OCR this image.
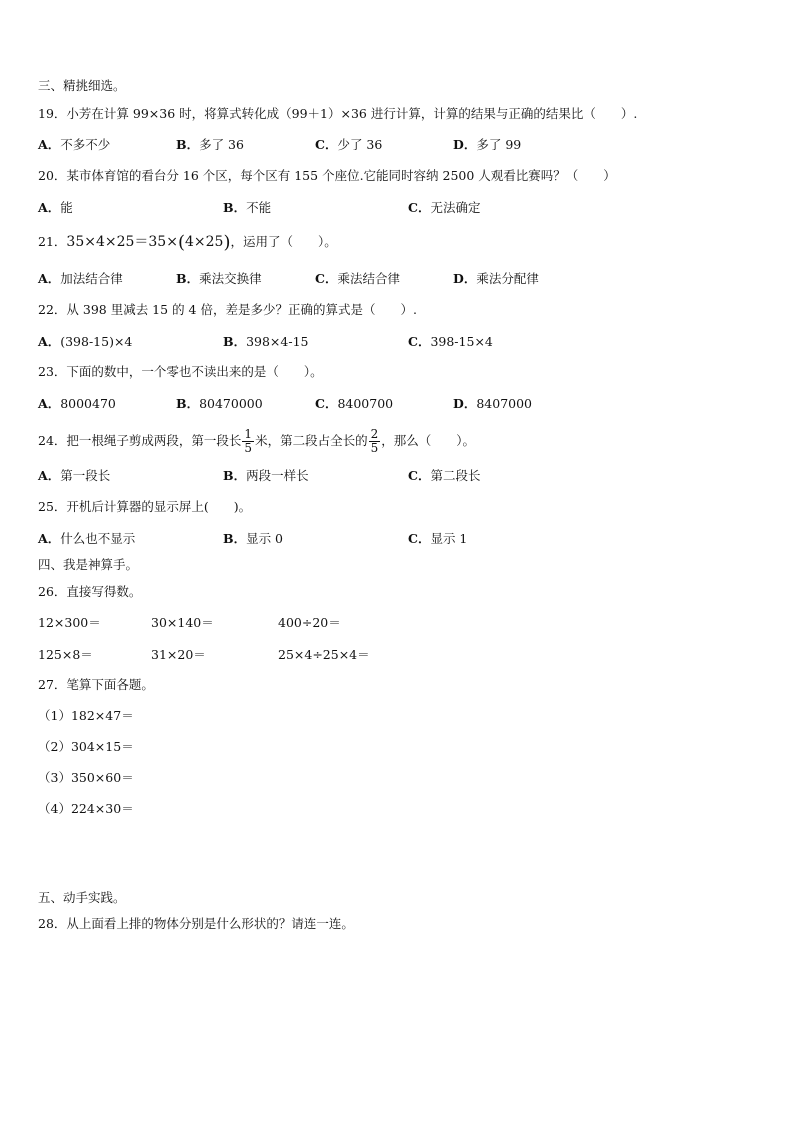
三、精挑细选。
19．小芳在计算 99×36 时，将算式转化成（99＋1）×36 进行计算，计算的结果与正确的结果比（　　）.
A．不多不少	B．多了 36	C．少了 36	D．多了 99
20．某市体育馆的看台分 16 个区，每个区有 155 个座位.它能同时容纳 2500 人观看比赛吗？（　　）
A．能	B．不能	C．无法确定
21．35×4×25＝35×(4×25)，运用了（　　）。
A．加法结合律	B．乘法交换律	C．乘法结合律	D．乘法分配律
22．从 398 里减去 15 的 4 倍，差是多少？正确的算式是（　　）.
A．(398-15)×4	B．398×4-15	C．398-15×4
23．下面的数中，一个零也不读出来的是（　　）。
A．8000470	B．80470000	C．8400700	D．8407000
24．把一根绳子剪成两段，第一段长 $\frac{1}{5}$ 米，第二段占全长的 $\frac{2}{5}$ ，那么（　　）。
A．第一段长	B．两段一样长	C．第二段长
25．开机后计算器的显示屏上(　　)。
A．什么也不显示	B．显示 0	C．显示 1
四、我是神算手。
26．直接写得数。
12×300＝	30×140＝	400÷20＝
125×8＝	31×20＝	25×4÷25×4＝
27．笔算下面各题。
（1）182×47＝
（2）304×15＝
（3）350×60＝
（4）224×30＝
五、动手实践。
28．从上面看上排的物体分别是什么形状的？请连一连。
